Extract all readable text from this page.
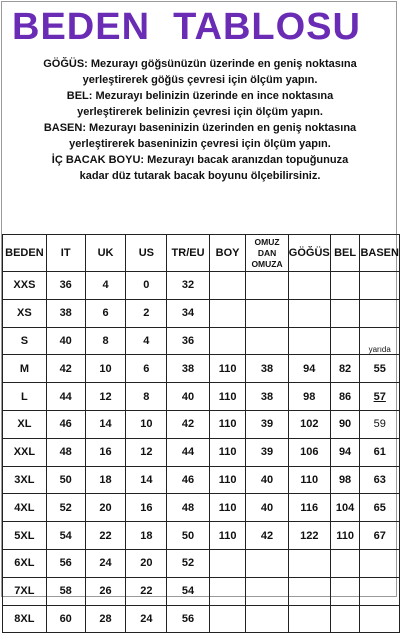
BEDEN  TABLOSU
GÖĞÜS: Mezurayı göğsünüzün üzerinde en geniş noktasına
yerleştirerek göğüs çevresi için ölçüm yapın.
BEL: Mezurayı belinizin üzerinde en ince noktasına
yerleştirerek belinizin çevresi için ölçüm yapın.
BASEN: Mezurayı baseninizin üzerinden en geniş noktasına
yerleştirerek baseninizin çevresi için ölçüm yapın.
İÇ BACAK BOYU: Mezurayı bacak aranızdan topuğunuza
kadar düz tutarak bacak boyunu ölçebilirsiniz.
BEDEN	IT	UK	US	TR/EU	BOY	OMUZ DAN OMUZA	GÖĞÜS	BEL	BASEN
XXS	36	4	0	32					
XS	38	6	2	34					
S	40	8	4	36					yarıda
M	42	10	6	38	110	38	94	82	55
L	44	12	8	40	110	38	98	86	57
XL	46	14	10	42	110	39	102	90	59
XXL	48	16	12	44	110	39	106	94	61
3XL	50	18	14	46	110	40	110	98	63
4XL	52	20	16	48	110	40	116	104	65
5XL	54	22	18	50	110	42	122	110	67
6XL	56	24	20	52					
7XL	58	26	22	54					
8XL	60	28	24	56					
